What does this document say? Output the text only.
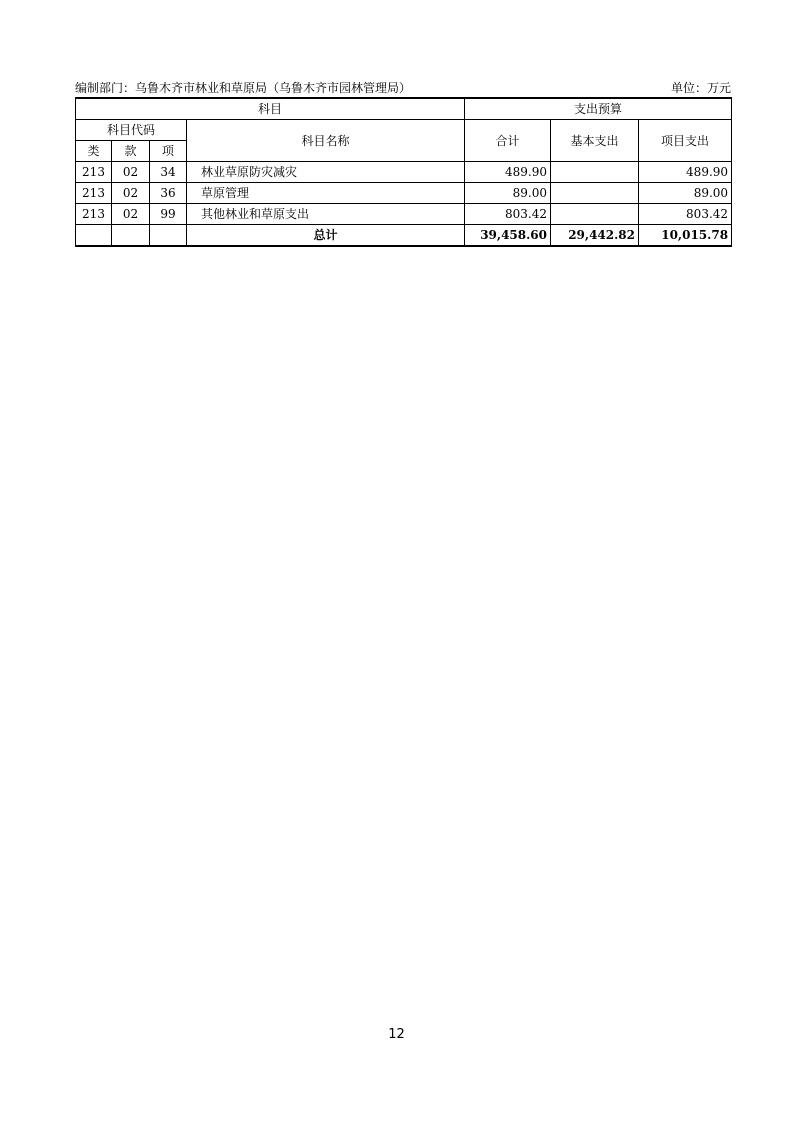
编制部门：乌鲁木齐市林业和草原局（乌鲁木齐市园林管理局）	单位：万元
科目				支出预算		
科目代码			科目名称	合计	基本支出	项目支出
类	款	项				
213	02	34	林业草原防灾减灾	489.90		489.90
213	02	36	草原管理	89.00		89.00
213	02	99	其他林业和草原支出	803.42		803.42
			总计	39,458.60	29,442.82	10,015.78
12
